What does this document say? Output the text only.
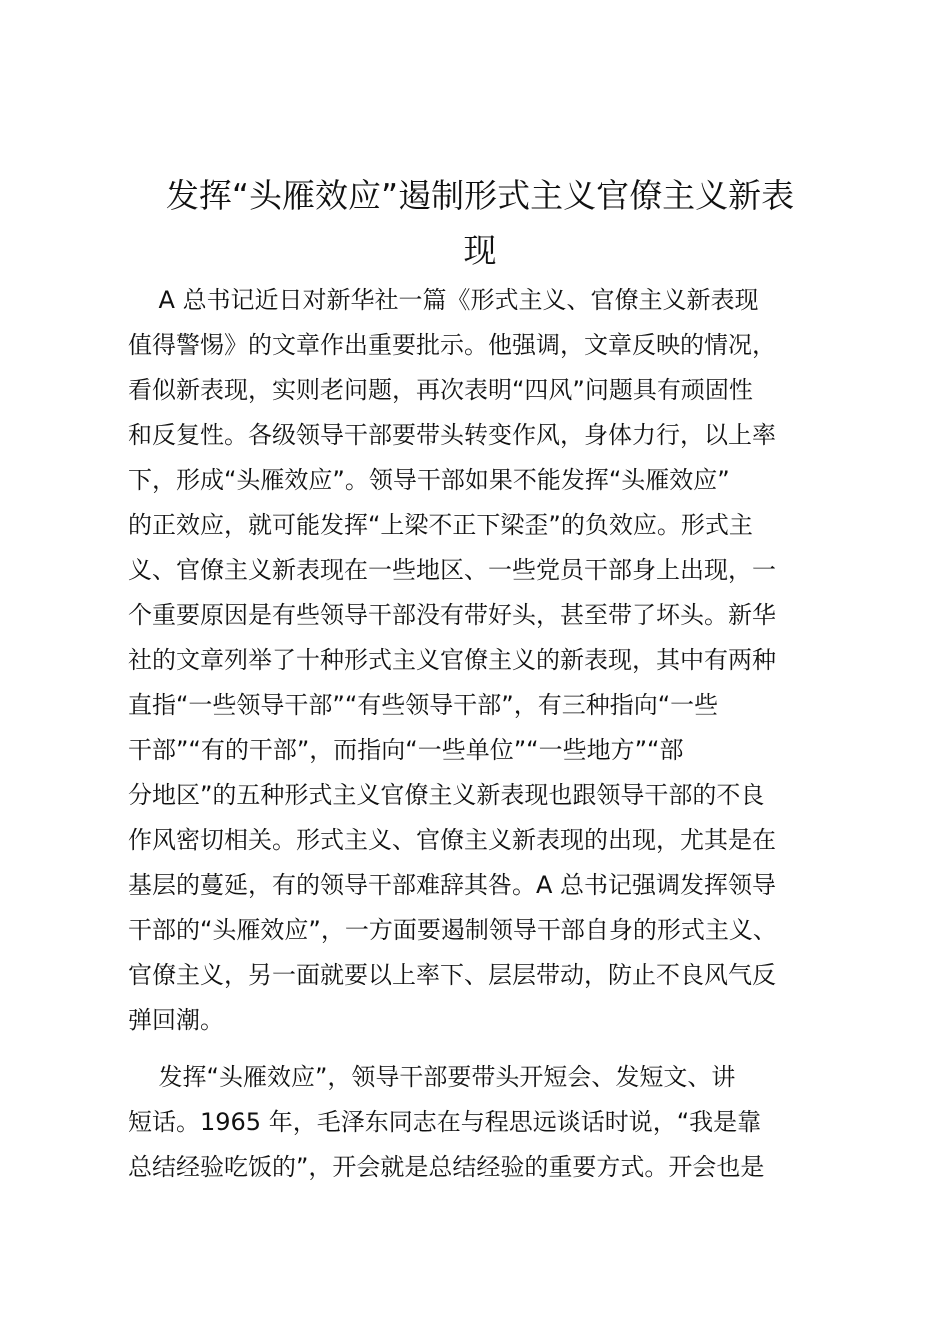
发挥“头雁效应”遏制形式主义官僚主义新表
现
A 总书记近日对新华社一篇《形式主义、官僚主义新表现
值得警惕》的文章作出重要批示。他强调，文章反映的情况，
看似新表现，实则老问题，再次表明“四风”问题具有顽固性
和反复性。各级领导干部要带头转变作风，身体力行，以上率
下，形成“头雁效应”。领导干部如果不能发挥“头雁效应”
的正效应，就可能发挥“上梁不正下梁歪”的负效应。形式主
义、官僚主义新表现在一些地区、一些党员干部身上出现，一
个重要原因是有些领导干部没有带好头，甚至带了坏头。新华
社的文章列举了十种形式主义官僚主义的新表现，其中有两种
直指“一些领导干部”“有些领导干部”，有三种指向“一些
干部”“有的干部”，而指向“一些单位”“一些地方”“部
分地区”的五种形式主义官僚主义新表现也跟领导干部的不良
作风密切相关。形式主义、官僚主义新表现的出现，尤其是在
基层的蔓延，有的领导干部难辞其咎。A 总书记强调发挥领导
干部的“头雁效应”，一方面要遏制领导干部自身的形式主义、
官僚主义，另一面就要以上率下、层层带动，防止不良风气反
弹回潮。
发挥“头雁效应”，领导干部要带头开短会、发短文、讲
短话。1965 年，毛泽东同志在与程思远谈话时说，“我是靠
总结经验吃饭的”，开会就是总结经验的重要方式。开会也是
